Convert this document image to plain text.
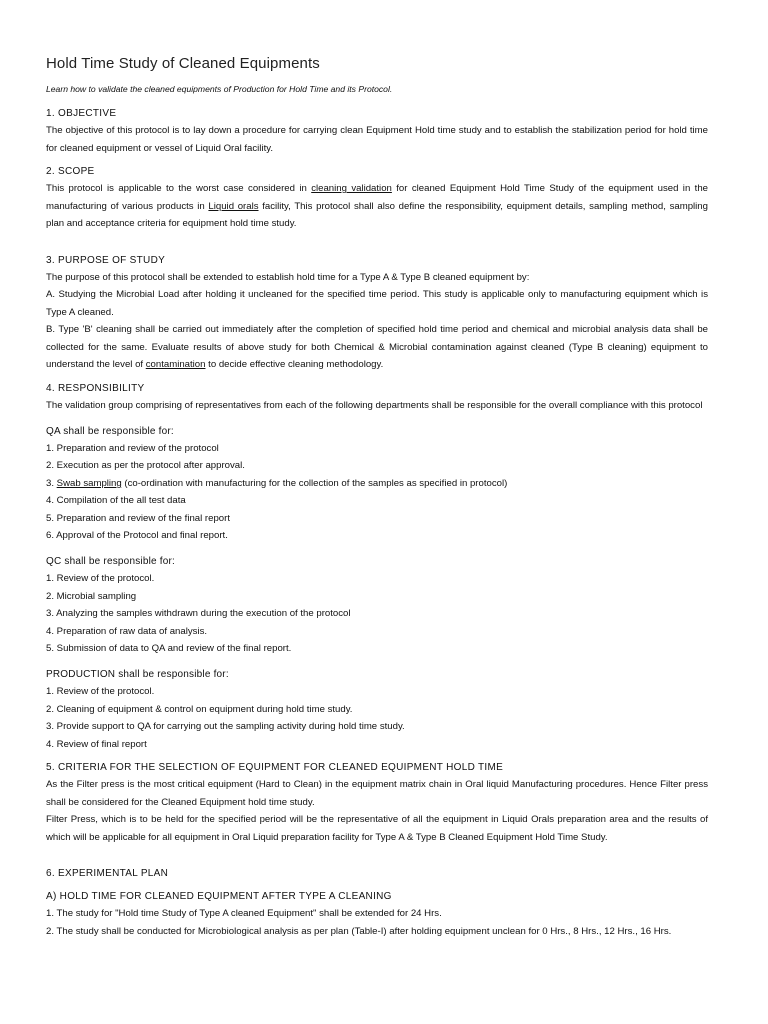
Hold Time Study of Cleaned Equipments

Learn how to validate the cleaned equipments of Production for Hold Time and its Protocol.

1. OBJECTIVE

The objective of this protocol is to lay down a procedure for carrying clean Equipment Hold time study and to establish the stabilization period for hold time for cleaned equipment or vessel of Liquid Oral facility.

2. SCOPE

This protocol is applicable to the worst case considered in cleaning validation for cleaned Equipment Hold Time Study of the equipment used in the manufacturing of various products in Liquid orals facility, This protocol shall also define the responsibility, equipment details, sampling method, sampling plan and acceptance criteria for equipment hold time study.

3. PURPOSE OF STUDY

The purpose of this protocol shall be extended to establish hold time for a Type A & Type B cleaned equipment by:

A. Studying the Microbial Load after holding it uncleaned for the specified time period. This study is applicable only to manufacturing equipment which is Type A cleaned.

B. Type 'B' cleaning shall be carried out immediately after the completion of specified hold time period and chemical and microbial analysis data shall be collected for the same. Evaluate results of above study for both Chemical & Microbial contamination against cleaned (Type B cleaning) equipment to understand the level of contamination to decide effective cleaning methodology.

4. RESPONSIBILITY

The validation group comprising of representatives from each of the following departments shall be responsible for the overall compliance with this protocol

QA shall be responsible for:

1. Preparation and review of the protocol
2. Execution as per the protocol after approval.
3. Swab sampling (co-ordination with manufacturing for the collection of the samples as specified in protocol)
4. Compilation of the all test data
5. Preparation and review of the final report
6. Approval of the Protocol and final report.

QC shall be responsible for:

1. Review of the protocol.
2. Microbial sampling
3. Analyzing the samples withdrawn during the execution of the protocol
4. Preparation of raw data of analysis.
5. Submission of data to QA and review of the final report.

PRODUCTION shall be responsible for:

1. Review of the protocol.
2. Cleaning of equipment & control on equipment during hold time study.
3. Provide support to QA for carrying out the sampling activity during hold time study.
4. Review of final report

5. CRITERIA FOR THE SELECTION OF EQUIPMENT FOR CLEANED EQUIPMENT HOLD TIME

As the Filter press is the most critical equipment (Hard to Clean) in the equipment matrix chain in Oral liquid Manufacturing procedures. Hence Filter press shall be considered for the Cleaned Equipment hold time study.

Filter Press, which is to be held for the specified period will be the representative of all the equipment in Liquid Orals preparation area and the results of which will be applicable for all equipment in Oral Liquid preparation facility for Type A & Type B Cleaned Equipment Hold Time Study.

6. EXPERIMENTAL PLAN

A) HOLD TIME FOR CLEANED EQUIPMENT AFTER TYPE A CLEANING

1. The study for "Hold time Study of Type A cleaned Equipment" shall be extended for 24 Hrs.
2. The study shall be conducted for Microbiological analysis as per plan (Table-I) after holding equipment unclean for 0 Hrs., 8 Hrs., 12 Hrs., 16 Hrs.
